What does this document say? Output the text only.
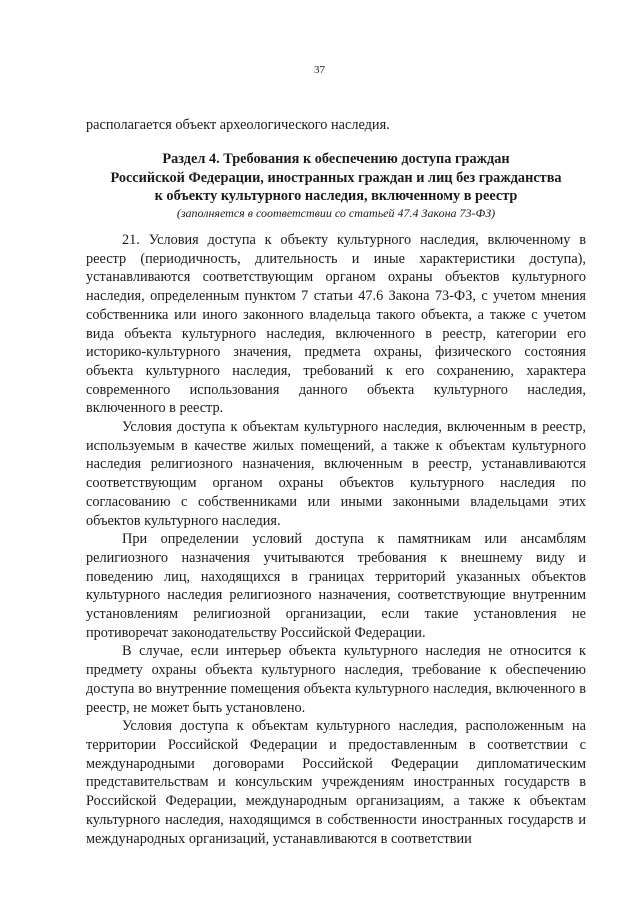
37
располагается объект археологического наследия.
Раздел 4. Требования к обеспечению доступа граждан
Российской Федерации, иностранных граждан и лиц без гражданства
к объекту культурного наследия, включенному в реестр
(заполняется в соответствии со статьей 47.4 Закона 73-ФЗ)

21. Условия доступа к объекту культурного наследия, включенному в реестр (периодичность, длительность и иные характеристики доступа), устанавливаются соответствующим органом охраны объектов культурного наследия, определенным пунктом 7 статьи 47.6 Закона 73-ФЗ, с учетом мнения собственника или иного законного владельца такого объекта, а также с учетом вида объекта культурного наследия, включенного в реестр, категории его историко-культурного значения, предмета охраны, физического состояния объекта культурного наследия, требований к его сохранению, характера современного использования данного объекта культурного наследия, включенного в реестр.

Условия доступа к объектам культурного наследия, включенным в реестр, используемым в качестве жилых помещений, а также к объектам культурного наследия религиозного назначения, включенным в реестр, устанавливаются соответствующим органом охраны объектов культурного наследия по согласованию с собственниками или иными законными владельцами этих объектов культурного наследия.

При определении условий доступа к памятникам или ансамблям религиозного назначения учитываются требования к внешнему виду и поведению лиц, находящихся в границах территорий указанных объектов культурного наследия религиозного назначения, соответствующие внутренним установлениям религиозной организации, если такие установления не противоречат законодательству Российской Федерации.

В случае, если интерьер объекта культурного наследия не относится к предмету охраны объекта культурного наследия, требование к обеспечению доступа во внутренние помещения объекта культурного наследия, включенного в реестр, не может быть установлено.

Условия доступа к объектам культурного наследия, расположенным на территории Российской Федерации и предоставленным в соответствии с международными договорами Российской Федерации дипломатическим представительствам и консульским учреждениям иностранных государств в Российской Федерации, международным организациям, а также к объектам культурного наследия, находящимся в собственности иностранных государств и международных организаций, устанавливаются в соответствии
